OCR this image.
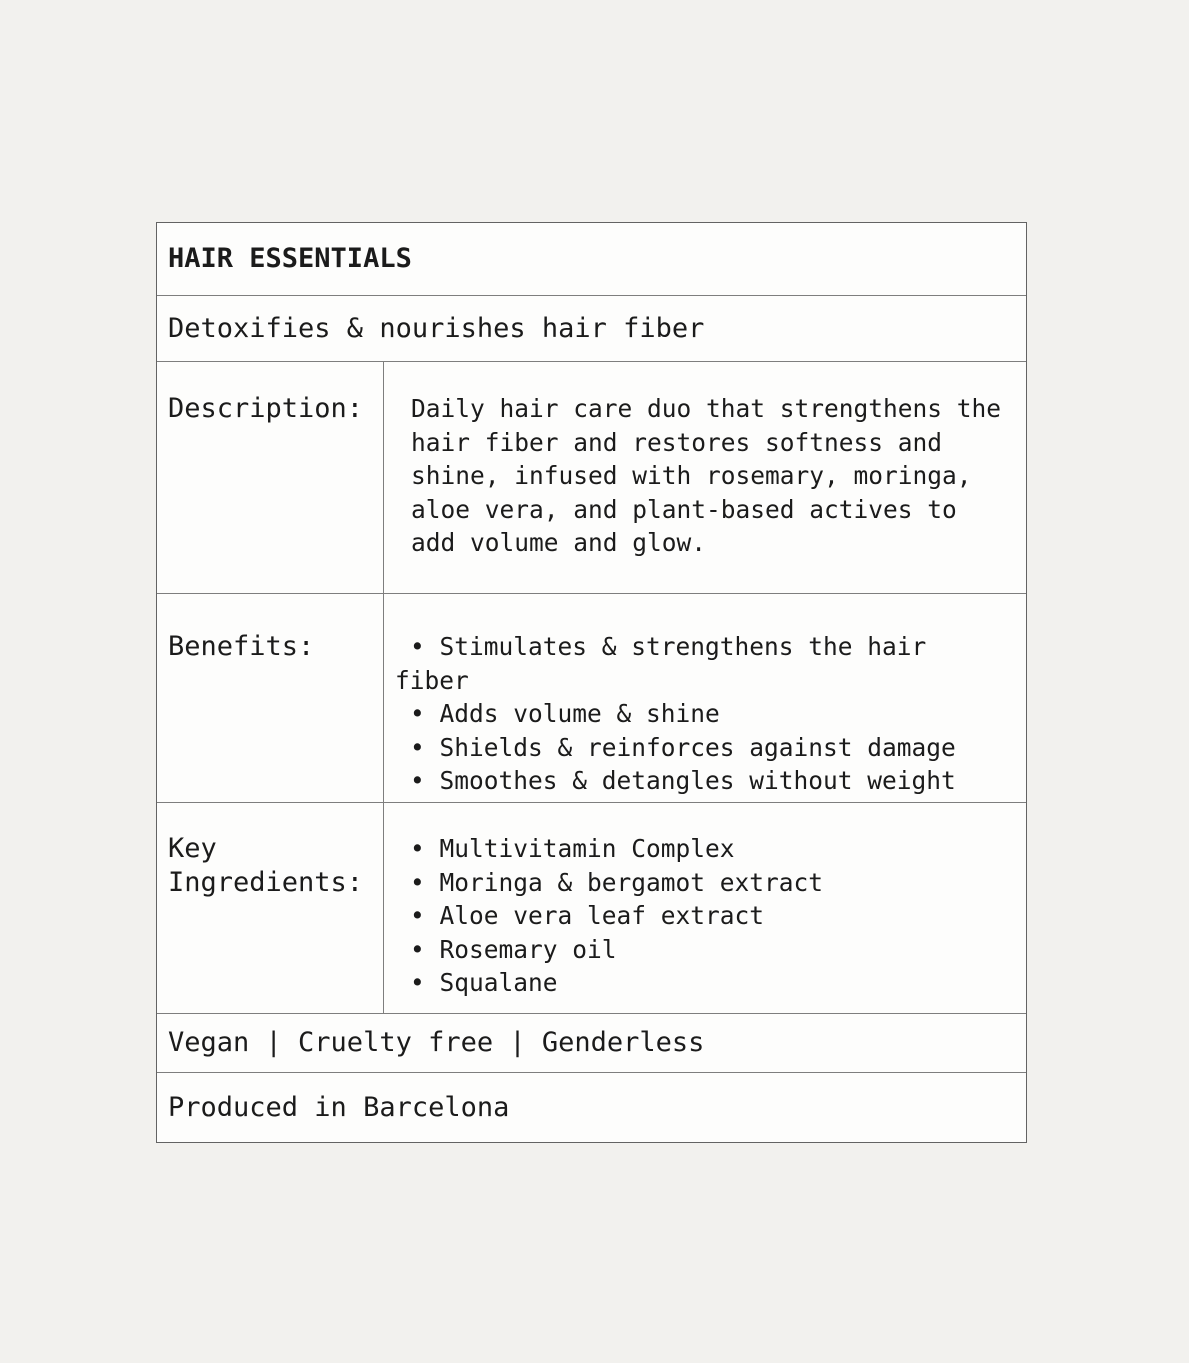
HAIR ESSENTIALS
Detoxifies & nourishes hair fiber
Description:	Daily hair care duo that strengthens the hair fiber and restores softness and shine, infused with rosemary, moringa, aloe vera, and plant-based actives to add volume and glow.
Benefits:	• Stimulates & strengthens the hair fiber
• Adds volume & shine
• Shields & reinforces against damage
• Smoothes & detangles without weight
Key Ingredients:
• Multivitamin Complex
• Moringa & bergamot extract
• Aloe vera leaf extract
• Rosemary oil
• Squalane
Vegan | Cruelty free | Genderless
Produced in Barcelona
